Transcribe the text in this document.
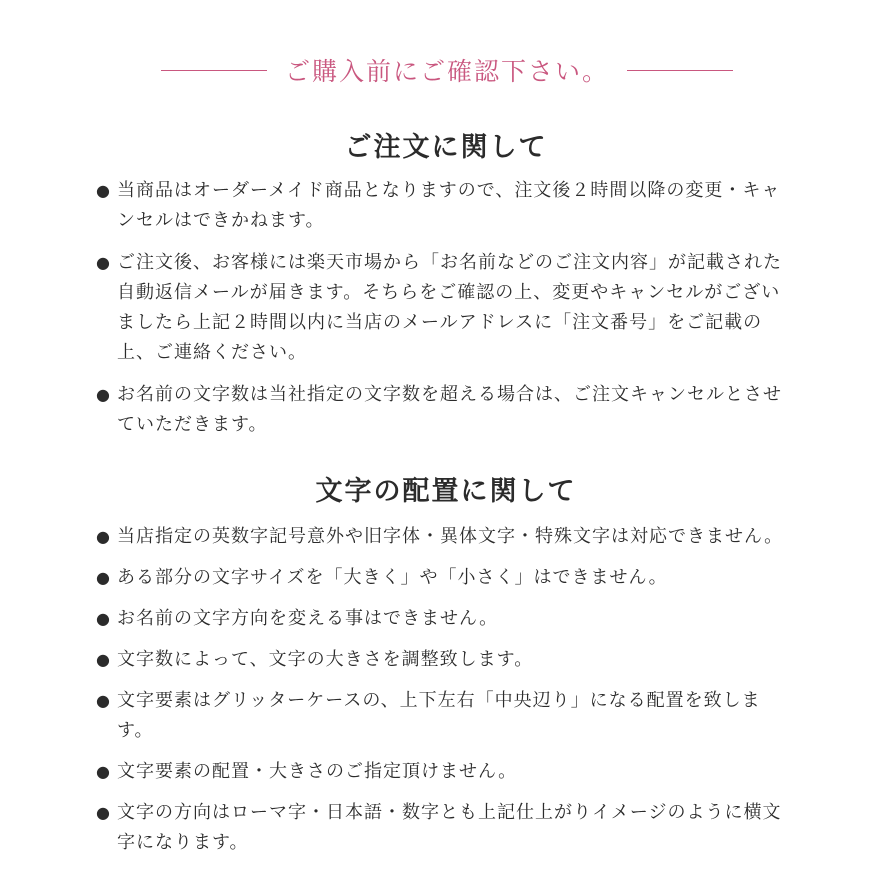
ご購入前にご確認下さい。
ご注文に関して
● 当商品はオーダーメイド商品となりますので、注文後２時間以降の変更・キャンセルはできかねます。
● ご注文後、お客様には楽天市場から「お名前などのご注文内容」が記載された自動返信メールが届きます。そちらをご確認の上、変更やキャンセルがございましたら上記２時間以内に当店のメールアドレスに「注文番号」をご記載の上、ご連絡ください。
● お名前の文字数は当社指定の文字数を超える場合は、ご注文キャンセルとさせていただきます。
文字の配置に関して
● 当店指定の英数字記号意外や旧字体・異体文字・特殊文字は対応できません。
● ある部分の文字サイズを「大きく」や「小さく」はできません。
● お名前の文字方向を変える事はできません。
● 文字数によって、文字の大きさを調整致します。
● 文字要素はグリッターケースの、上下左右「中央辺り」になる配置を致します。
● 文字要素の配置・大きさのご指定頂けません。
● 文字の方向はローマ字・日本語・数字とも上記仕上がりイメージのように横文字になります。
